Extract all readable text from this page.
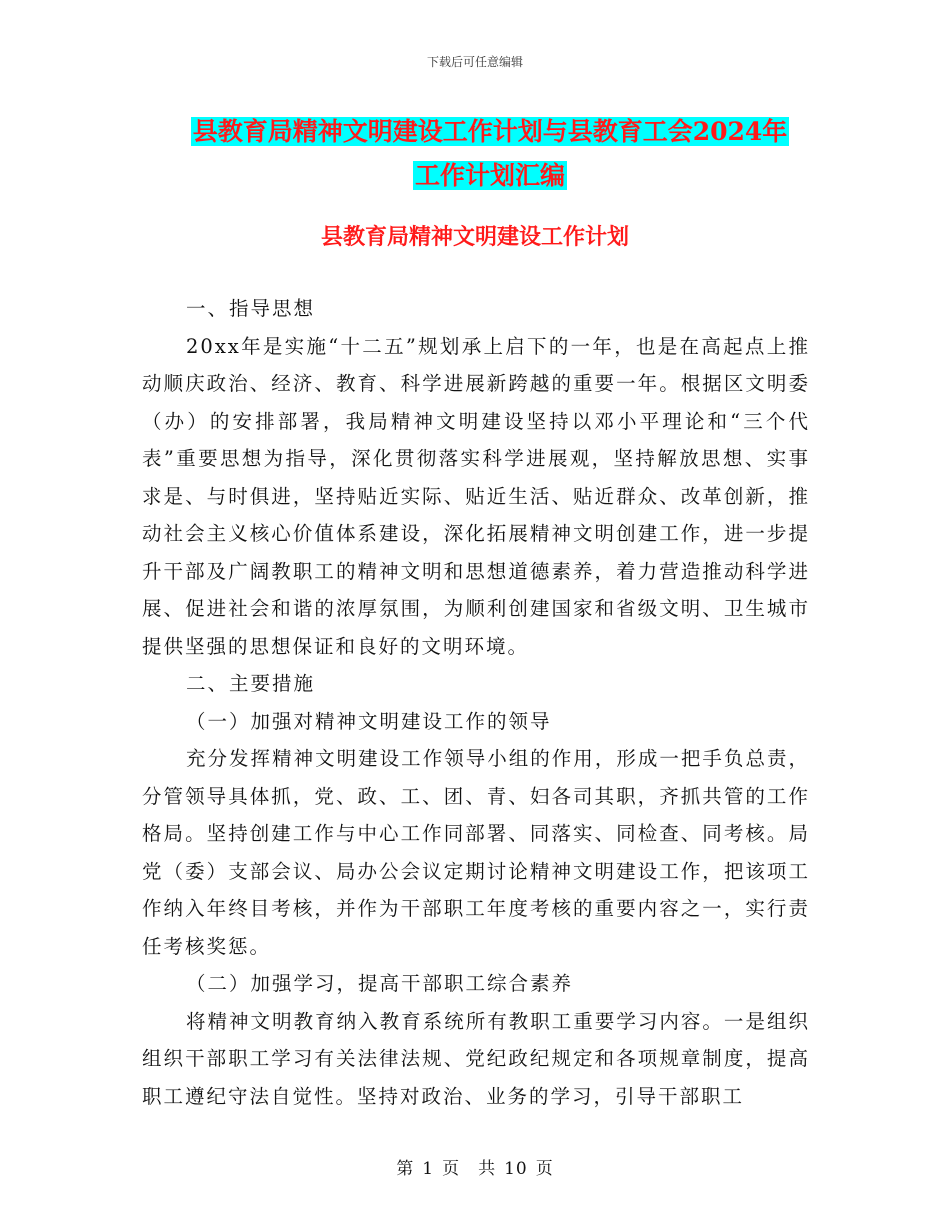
下载后可任意编辑
县教育局精神文明建设工作计划与县教育工会2024年
工作计划汇编
县教育局精神文明建设工作计划

一、指导思想

20xx年是实施“十二五”规划承上启下的一年，也是在高起点上推动顺庆政治、经济、教育、科学进展新跨越的重要一年。根据区文明委（办）的安排部署，我局精神文明建设坚持以邓小平理论和“三个代表”重要思想为指导，深化贯彻落实科学进展观，坚持解放思想、实事求是、与时俱进，坚持贴近实际、贴近生活、贴近群众、改革创新，推动社会主义核心价值体系建设，深化拓展精神文明创建工作，进一步提升干部及广阔教职工的精神文明和思想道德素养，着力营造推动科学进展、促进社会和谐的浓厚氛围，为顺利创建国家和省级文明、卫生城市提供坚强的思想保证和良好的文明环境。

二、主要措施

（一）加强对精神文明建设工作的领导

充分发挥精神文明建设工作领导小组的作用，形成一把手负总责，分管领导具体抓，党、政、工、团、青、妇各司其职，齐抓共管的工作格局。坚持创建工作与中心工作同部署、同落实、同检查、同考核。局党（委）支部会议、局办公会议定期讨论精神文明建设工作，把该项工作纳入年终目考核，并作为干部职工年度考核的重要内容之一，实行责任考核奖惩。

（二）加强学习，提高干部职工综合素养

将精神文明教育纳入教育系统所有教职工重要学习内容。一是组织组织干部职工学习有关法律法规、党纪政纪规定和各项规章制度，提高职工遵纪守法自觉性。坚持对政治、业务的学习，引导干部职工

第 1 页　共 10 页
